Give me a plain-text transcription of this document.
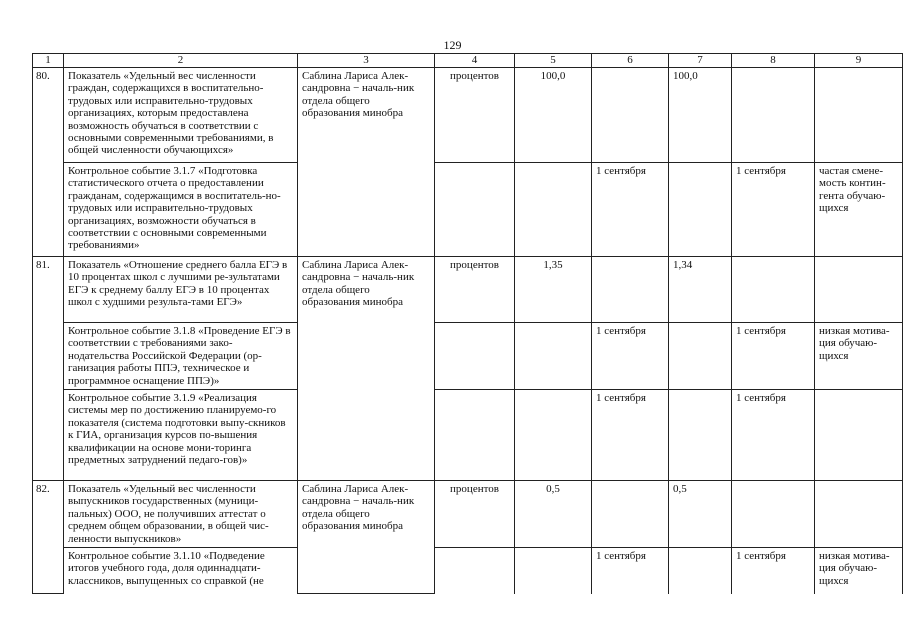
129
1	2	3	4	5	6	7	8	9
80.	Показатель «Удельный вес численности граждан, содержащихся в воспитательно-трудовых или исправительно-трудовых организациях, которым предоставлена возможность обучаться в соответствии с основными современными требованиями, в общей численности обучающихся»	Саблина Лариса Алек-сандровна − началь-ник отдела общего образования минобра	процентов	100,0		100,0		
	Контрольное событие 3.1.7 «Подготовка статистического отчета о предоставлении гражданам, содержащимся в воспитатель-но-трудовых или исправительно-трудовых организациях, возможности обучаться в соответствии с основными современными требованиями»				1 сентября		1 сентября	частая смене-мость контин-гента обучаю-щихся
81.	Показатель «Отношение среднего балла ЕГЭ в 10 процентах школ с лучшими ре-зультатами ЕГЭ к среднему баллу ЕГЭ в 10 процентах школ с худшими результа-тами ЕГЭ»	Саблина Лариса Алек-сандровна − началь-ник отдела общего образования минобра	процентов	1,35		1,34		
	Контрольное событие 3.1.8 «Проведение ЕГЭ в соответствии с требованиями зако-нодательства Российской Федерации (ор-ганизация работы ППЭ, техническое и программное оснащение ППЭ)»				1 сентября		1 сентября	низкая мотива-ция обучаю-щихся
	Контрольное событие 3.1.9 «Реализация системы мер по достижению планируемо-го показателя (система подготовки выпу-скников к ГИА, организация курсов по-вышения квалификации на основе мони-торинга предметных затруднений педаго-гов)»				1 сентября		1 сентября	
82.	Показатель «Удельный вес численности выпускников государственных (муници-пальных) ООО, не получивших аттестат о среднем общем образовании, в общей чис-ленности выпускников»	Саблина Лариса Алек-сандровна − началь-ник отдела общего образования минобра	процентов	0,5		0,5		
	Контрольное событие 3.1.10 «Подведение итогов учебного года, доля одиннадцати-классников, выпущенных со справкой (не				1 сентября		1 сентября	низкая мотива-ция обучаю-щихся
